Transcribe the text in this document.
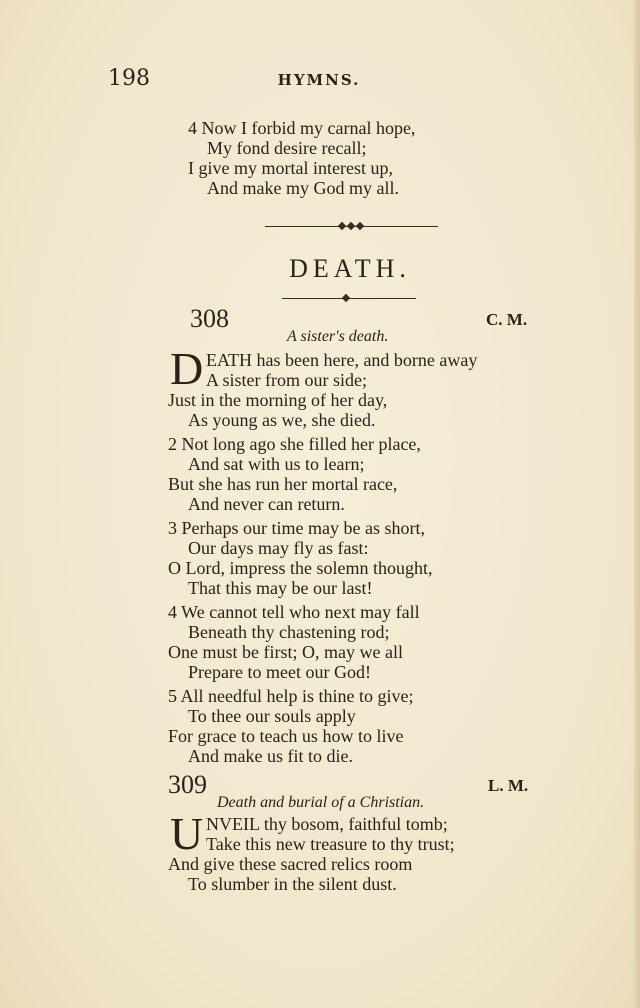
198	HYMNS.
4 Now I forbid my carnal hope,
My fond desire recall;
I give my mortal interest up,
And make my God my all.
DEATH.
308	C. M.
A sister's death.
D EATH has been here, and borne away
A sister from our side;
Just in the morning of her day,
As young as we, she died.
2 Not long ago she filled her place,
And sat with us to learn;
But she has run her mortal race,
And never can return.
3 Perhaps our time may be as short,
Our days may fly as fast:
O Lord, impress the solemn thought,
That this may be our last!
4 We cannot tell who next may fall
Beneath thy chastening rod;
One must be first; O, may we all
Prepare to meet our God!
5 All needful help is thine to give;
To thee our souls apply
For grace to teach us how to live
And make us fit to die.
309	L. M.
Death and burial of a Christian.
U NVEIL thy bosom, faithful tomb;
Take this new treasure to thy trust;
And give these sacred relics room
To slumber in the silent dust.
